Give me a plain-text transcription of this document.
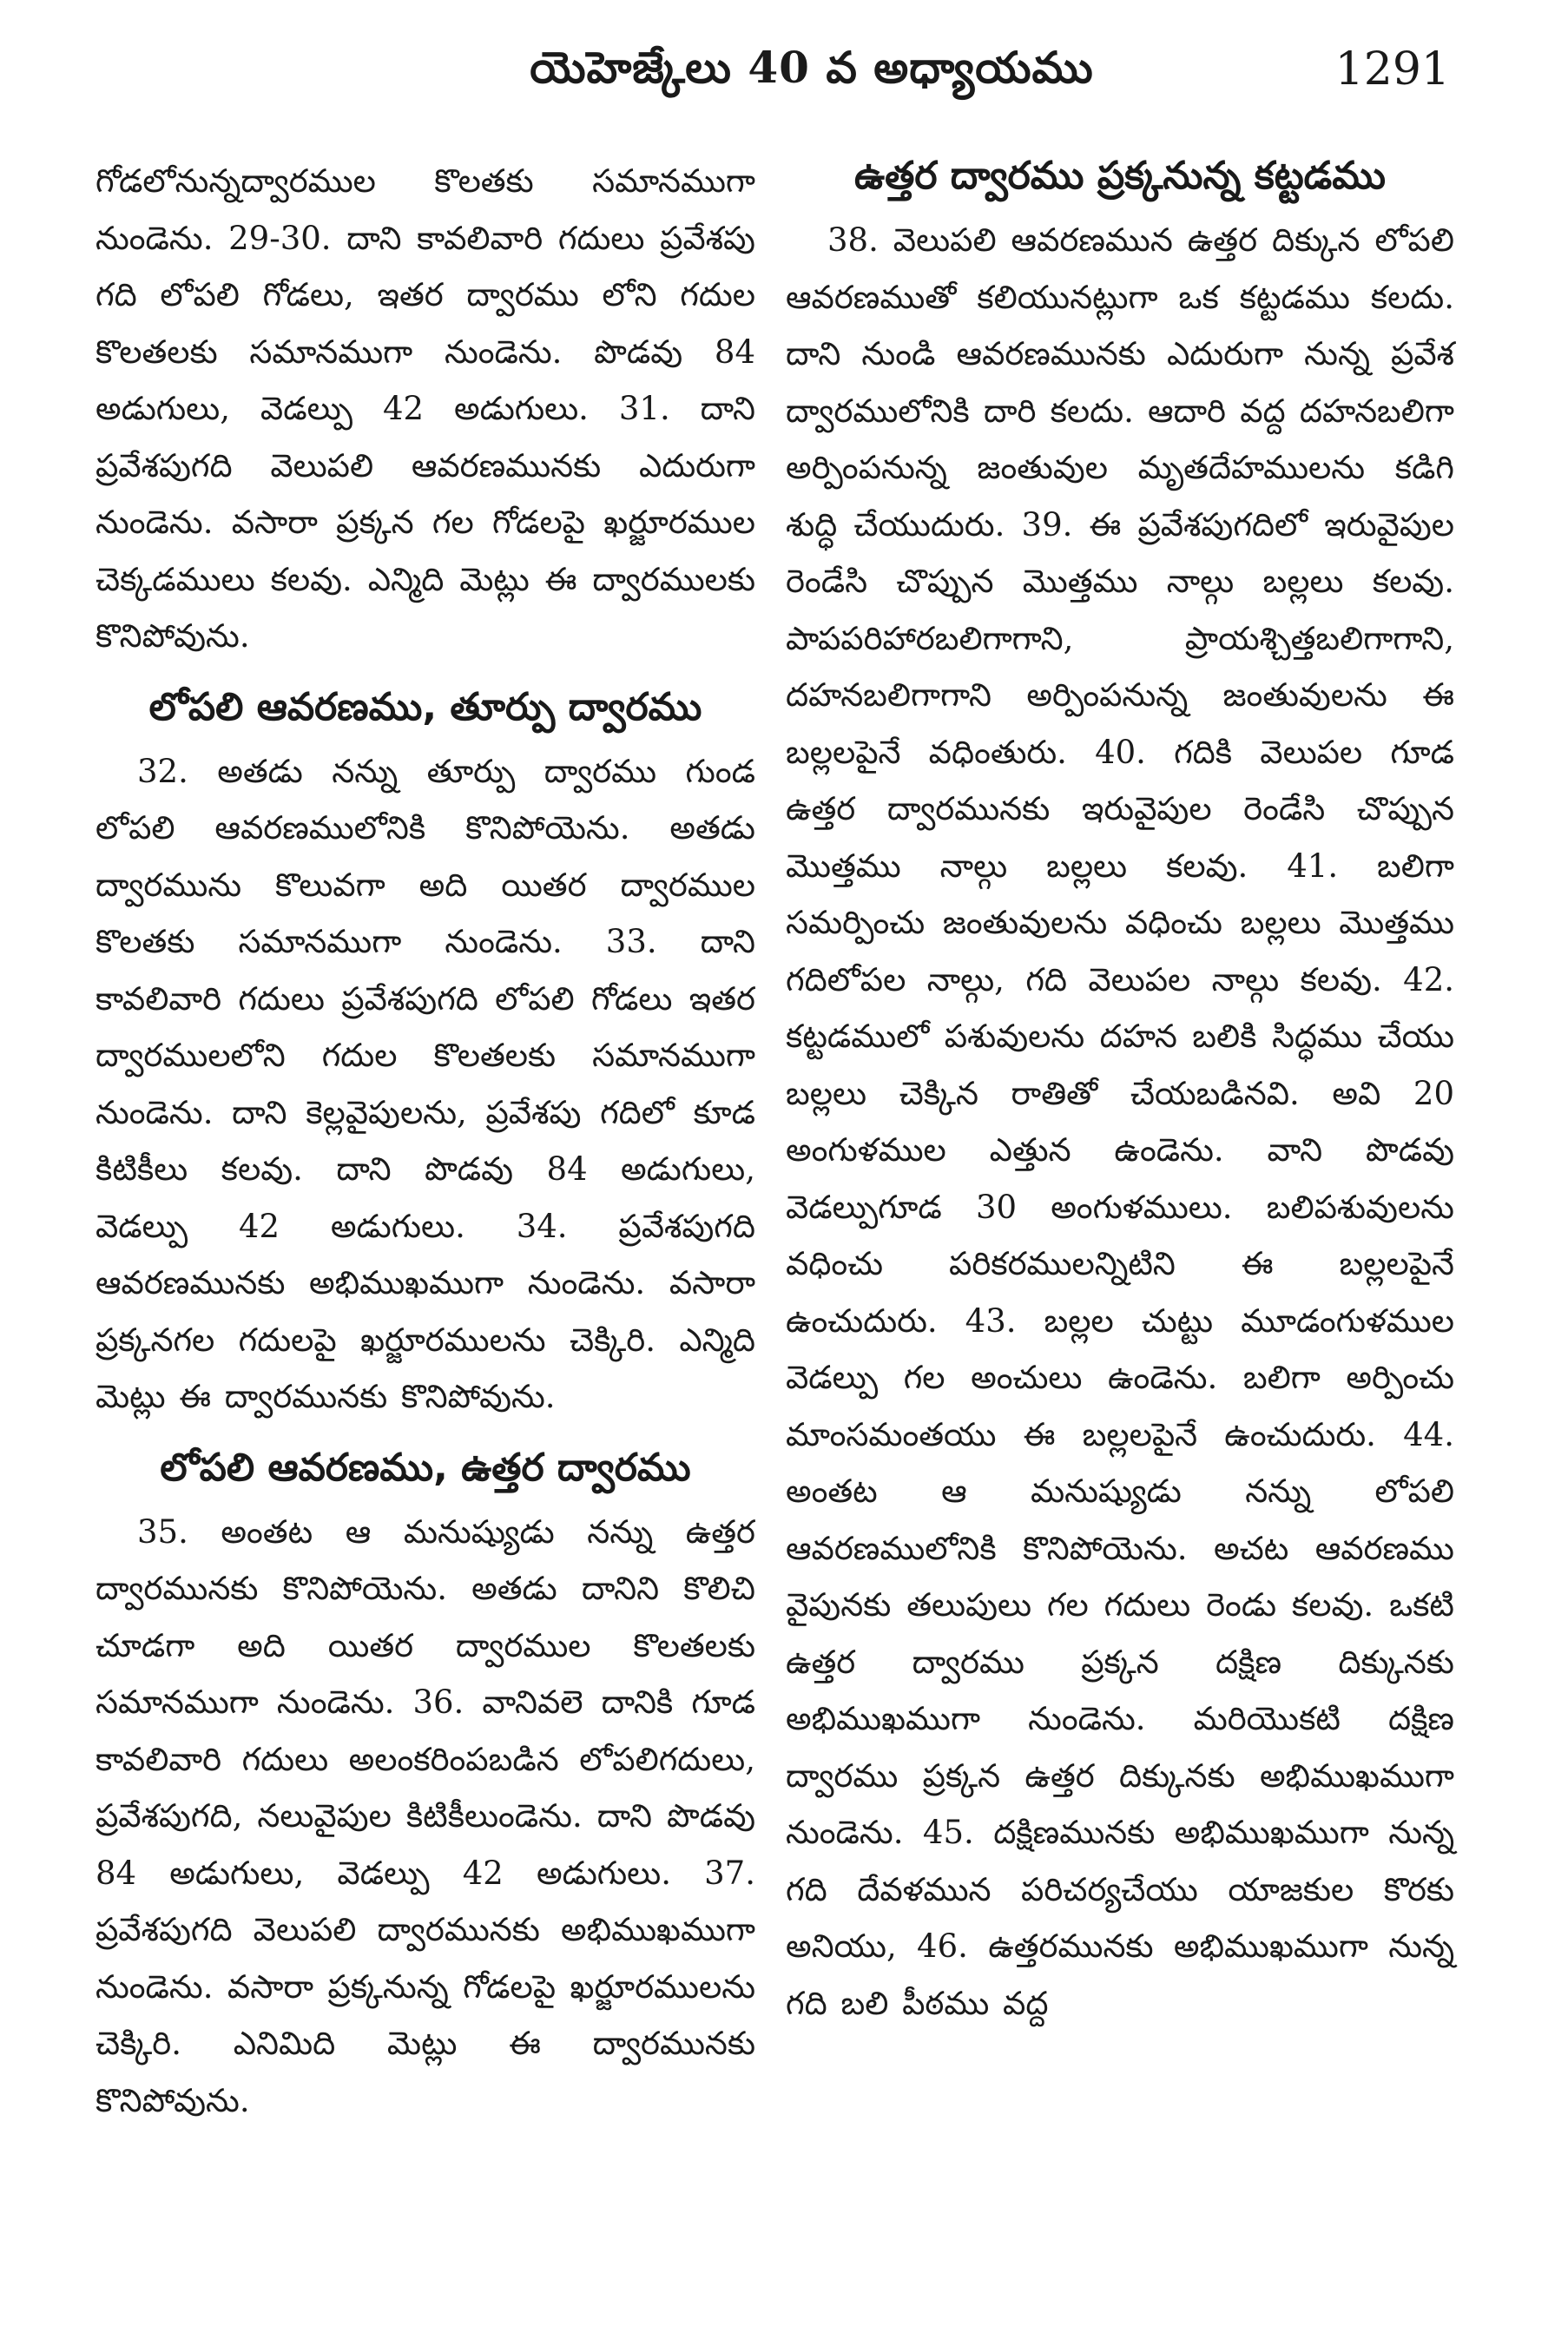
యెహెజ్కేలు 40 వ అధ్యాయము	1291

గోడలోనున్నద్వారముల కొలతకు సమానముగా నుండెను. 29-30. దాని కావలివారి గదులు ప్రవేశపు గది లోపలి గోడలు, ఇతర ద్వారము లోని గదుల కొలతలకు సమానముగా నుండెను. పొడవు 84 అడుగులు, వెడల్పు 42 అడుగులు. 31. దాని ప్రవేశపుగది వెలుపలి ఆవరణమునకు ఎదురుగా నుండెను. వసారా ప్రక్కన గల గోడలపై ఖర్జూరముల చెక్కడములు కలవు. ఎన్మిది మెట్లు ఈ ద్వారములకు కొనిపోవును.

లోపలి ఆవరణము, తూర్పు ద్వారము

32. అతడు నన్ను తూర్పు ద్వారము గుండ లోపలి ఆవరణములోనికి కొనిపోయెను. అతడు ద్వారమును కొలువగా అది యితర ద్వారముల కొలతకు సమానముగా నుండెను. 33. దాని కావలివారి గదులు ప్రవేశపుగది లోపలి గోడలు ఇతర ద్వారములలోని గదుల కొలతలకు సమానముగా నుండెను. దాని కెల్లవైపులను, ప్రవేశపు గదిలో కూడ కిటికీలు కలవు. దాని పొడవు 84 అడుగులు, వెడల్పు 42 అడుగులు. 34. ప్రవేశపుగది ఆవరణమునకు అభిముఖముగా నుండెను. వసారా ప్రక్కనగల గదులపై ఖర్జూరములను చెక్కిరి. ఎన్మిది మెట్లు ఈ ద్వారమునకు కొనిపోవును.

లోపలి ఆవరణము, ఉత్తర ద్వారము

35. అంతట ఆ మనుష్యుడు నన్ను ఉత్తర ద్వారమునకు కొనిపోయెను. అతడు దానిని కొలిచి చూడగా అది యితర ద్వారముల కొలతలకు సమానముగా నుండెను. 36. వానివలె దానికి గూడ కావలివారి గదులు అలంకరింపబడిన లోపలిగదులు, ప్రవేశపుగది, నలువైపుల కిటికీలుండెను. దాని పొడవు 84 అడుగులు, వెడల్పు 42 అడుగులు. 37. ప్రవేశపుగది వెలుపలి ద్వారమునకు అభిముఖముగా నుండెను. వసారా ప్రక్కనున్న గోడలపై ఖర్జూరములను చెక్కిరి. ఎనిమిది మెట్లు ఈ ద్వారమునకు కొనిపోవును.

ఉత్తర ద్వారము ప్రక్కనున్న కట్టడము

38. వెలుపలి ఆవరణమున ఉత్తర దిక్కున లోపలి ఆవరణముతో కలియునట్లుగా ఒక కట్టడము కలదు. దాని నుండి ఆవరణమునకు ఎదురుగా నున్న ప్రవేశ ద్వారములోనికి దారి కలదు. ఆదారి వద్ద దహనబలిగా అర్పింపనున్న జంతువుల మృతదేహములను కడిగి శుద్ధి చేయుదురు. 39. ఈ ప్రవేశపుగదిలో ఇరువైపుల రెండేసి చొప్పున మొత్తము నాల్గు బల్లలు కలవు. పాపపరిహారబలిగాగాని, ప్రాయశ్చిత్తబలిగాగాని, దహనబలిగాగాని అర్పింపనున్న జంతువులను ఈ బల్లలపైనే వధింతురు. 40. గదికి వెలుపల గూడ ఉత్తర ద్వారమునకు ఇరువైపుల రెండేసి చొప్పున మొత్తము నాల్గు బల్లలు కలవు. 41. బలిగా సమర్పించు జంతువులను వధించు బల్లలు మొత్తము గదిలోపల నాల్గు, గది వెలుపల నాల్గు కలవు. 42. కట్టడములో పశువులను దహన బలికి సిద్ధము చేయు బల్లలు చెక్కిన రాతితో చేయబడినవి. అవి 20 అంగుళముల ఎత్తున ఉండెను. వాని పొడవు వెడల్పుగూడ 30 అంగుళములు. బలిపశువులను వధించు పరికరములన్నిటిని ఈ బల్లలపైనే ఉంచుదురు. 43. బల్లల చుట్టు మూడంగుళముల వెడల్పు గల అంచులు ఉండెను. బలిగా అర్పించు మాంసమంతయు ఈ బల్లలపైనే ఉంచుదురు. 44. అంతట ఆ మనుష్యుడు నన్ను లోపలి ఆవరణములోనికి కొనిపోయెను. అచట ఆవరణము వైపునకు తలుపులు గల గదులు రెండు కలవు. ఒకటి ఉత్తర ద్వారము ప్రక్కన దక్షిణ దిక్కునకు అభిముఖముగా నుండెను. మరియొకటి దక్షిణ ద్వారము ప్రక్కన ఉత్తర దిక్కునకు అభిముఖముగా నుండెను. 45. దక్షిణమునకు అభిముఖముగా నున్న గది దేవళమున పరిచర్యచేయు యాజకుల కొరకు అనియు, 46. ఉత్తరమునకు అభిముఖముగా నున్న గది బలి పీఠము వద్ద
